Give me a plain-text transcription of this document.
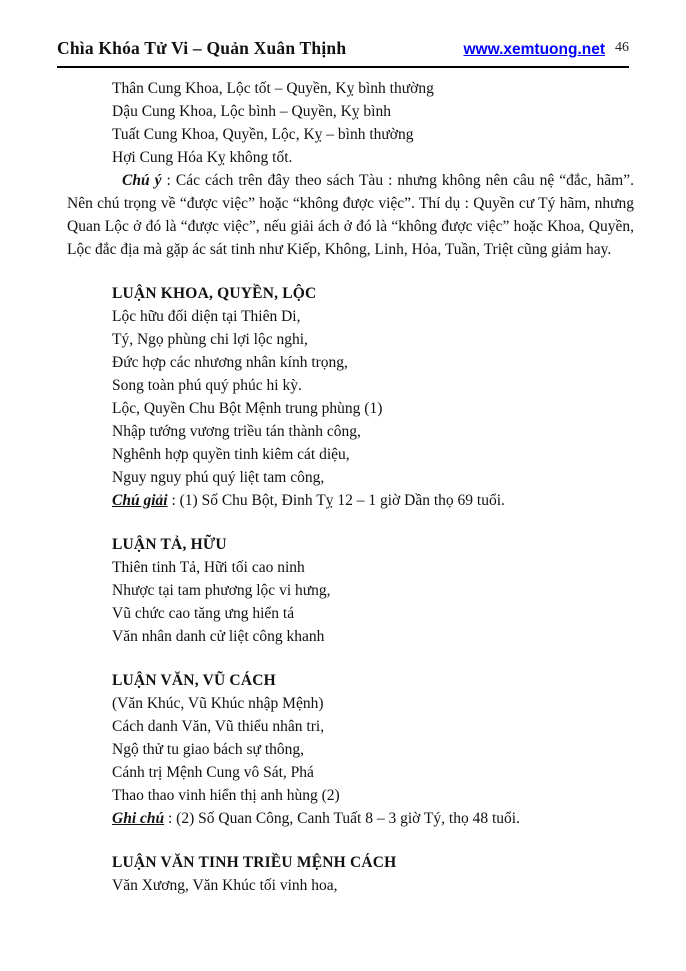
Chìa Khóa Tử Vi – Quản Xuân Thịnh	www.xemtuong.net 46
Thân Cung Khoa, Lộc tốt – Quyền, Kỵ bình thường
Dậu Cung Khoa, Lộc bình – Quyền, Kỵ bình
Tuất Cung Khoa, Quyền, Lộc, Kỵ – bình thường
Hợi Cung Hóa Kỵ không tốt.

Chú ý : Các cách trên đây theo sách Tàu : nhưng không nên câu nệ “đắc, hãm”. Nên chú trọng về “được việc” hoặc “không được việc”. Thí dụ : Quyền cư Tý hãm, nhưng Quan Lộc ở đó là “được việc”, nếu giải ách ở đó là “không được việc” hoặc Khoa, Quyền, Lộc đắc địa mà gặp ác sát tinh như Kiếp, Không, Linh, Hỏa, Tuần, Triệt cũng giảm hay.

LUẬN KHOA, QUYỀN, LỘC
Lộc hữu đối diện tại Thiên Di,
Tý, Ngọ phùng chi lợi lộc nghi,
Đức hợp các nhương nhân kính trọng,
Song toàn phú quý phúc hi kỳ.
Lộc, Quyền Chu Bột Mệnh trung phùng (1)
Nhập tướng vương triều tán thành công,
Nghênh hợp quyền tinh kiêm cát diệu,
Nguy nguy phú quý liệt tam công,
Chú giải : (1) Số Chu Bột, Đinh Tỵ 12 – 1 giờ Dần thọ 69 tuổi.
LUẬN TẢ, HỮU
Thiên tinh Tả, Hữi tối cao ninh
Nhược tại tam phương lộc vi hưng,
Vũ chức cao tăng ưng hiển tá
Văn nhân danh cử liệt công khanh
LUẬN VĂN, VŨ CÁCH
(Văn Khúc, Vũ Khúc nhập Mệnh)
Cách danh Văn, Vũ thiểu nhân tri,
Ngộ thử tu giao bách sự thông,
Cánh trị Mệnh Cung vô Sát, Phá
Thao thao vinh hiển thị anh hùng (2)
Ghi chú : (2) Số Quan Công, Canh Tuất 8 – 3 giờ Tý, thọ 48 tuổi.
LUẬN VĂN TINH TRIỀU MỆNH CÁCH
Văn Xương, Văn Khúc tối vinh hoa,
